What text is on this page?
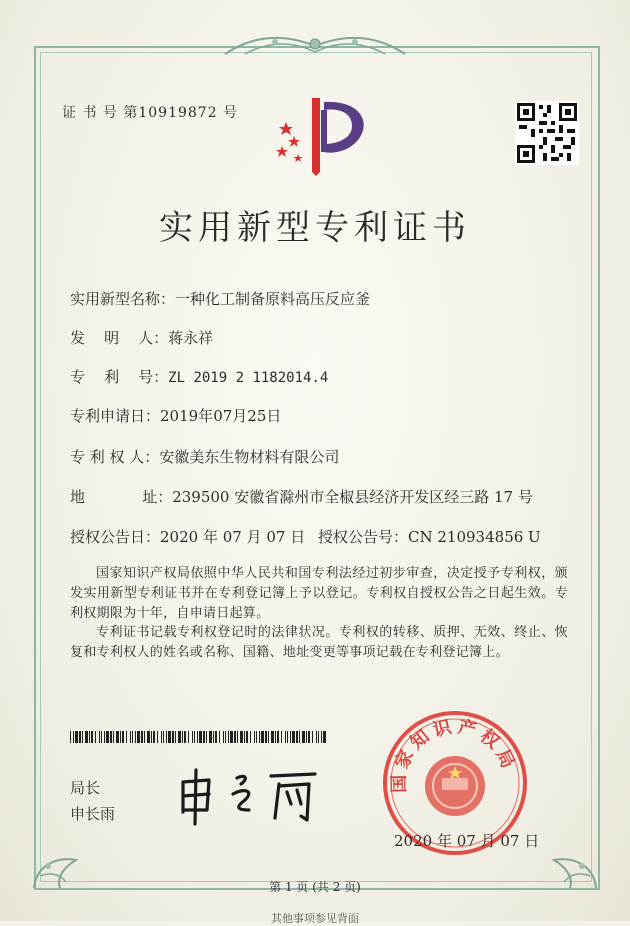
证 书 号 第10919872 号
实用新型专利证书
实用新型名称：一种化工制备原料高压反应釜
发    明    人：蒋永祥
专    利    号：ZL 2019 2 1182014.4
专利申请日：2019年07月25日
专 利 权 人：安徽美东生物材料有限公司
地            址：239500 安徽省滁州市全椒县经济开发区经三路 17 号
授权公告日：2020 年 07 月 07 日 授权公告号：CN 210934856 U
国家知识产权局依照中华人民共和国专利法经过初步审查，决定授予专利权，颁发实用新型专利证书并在专利登记簿上予以登记。专利权自授权公告之日起生效。专利权期限为十年，自申请日起算。
专利证书记载专利权登记时的法律状况。专利权的转移、质押、无效、终止、恢复和专利权人的姓名或名称、国籍、地址变更等事项记载在专利登记簿上。
局长
申长雨
国 家 知 识 产 权 局
2020 年 07 月 07 日
第 1 页 (共 2 页)
其他事项参见背面
